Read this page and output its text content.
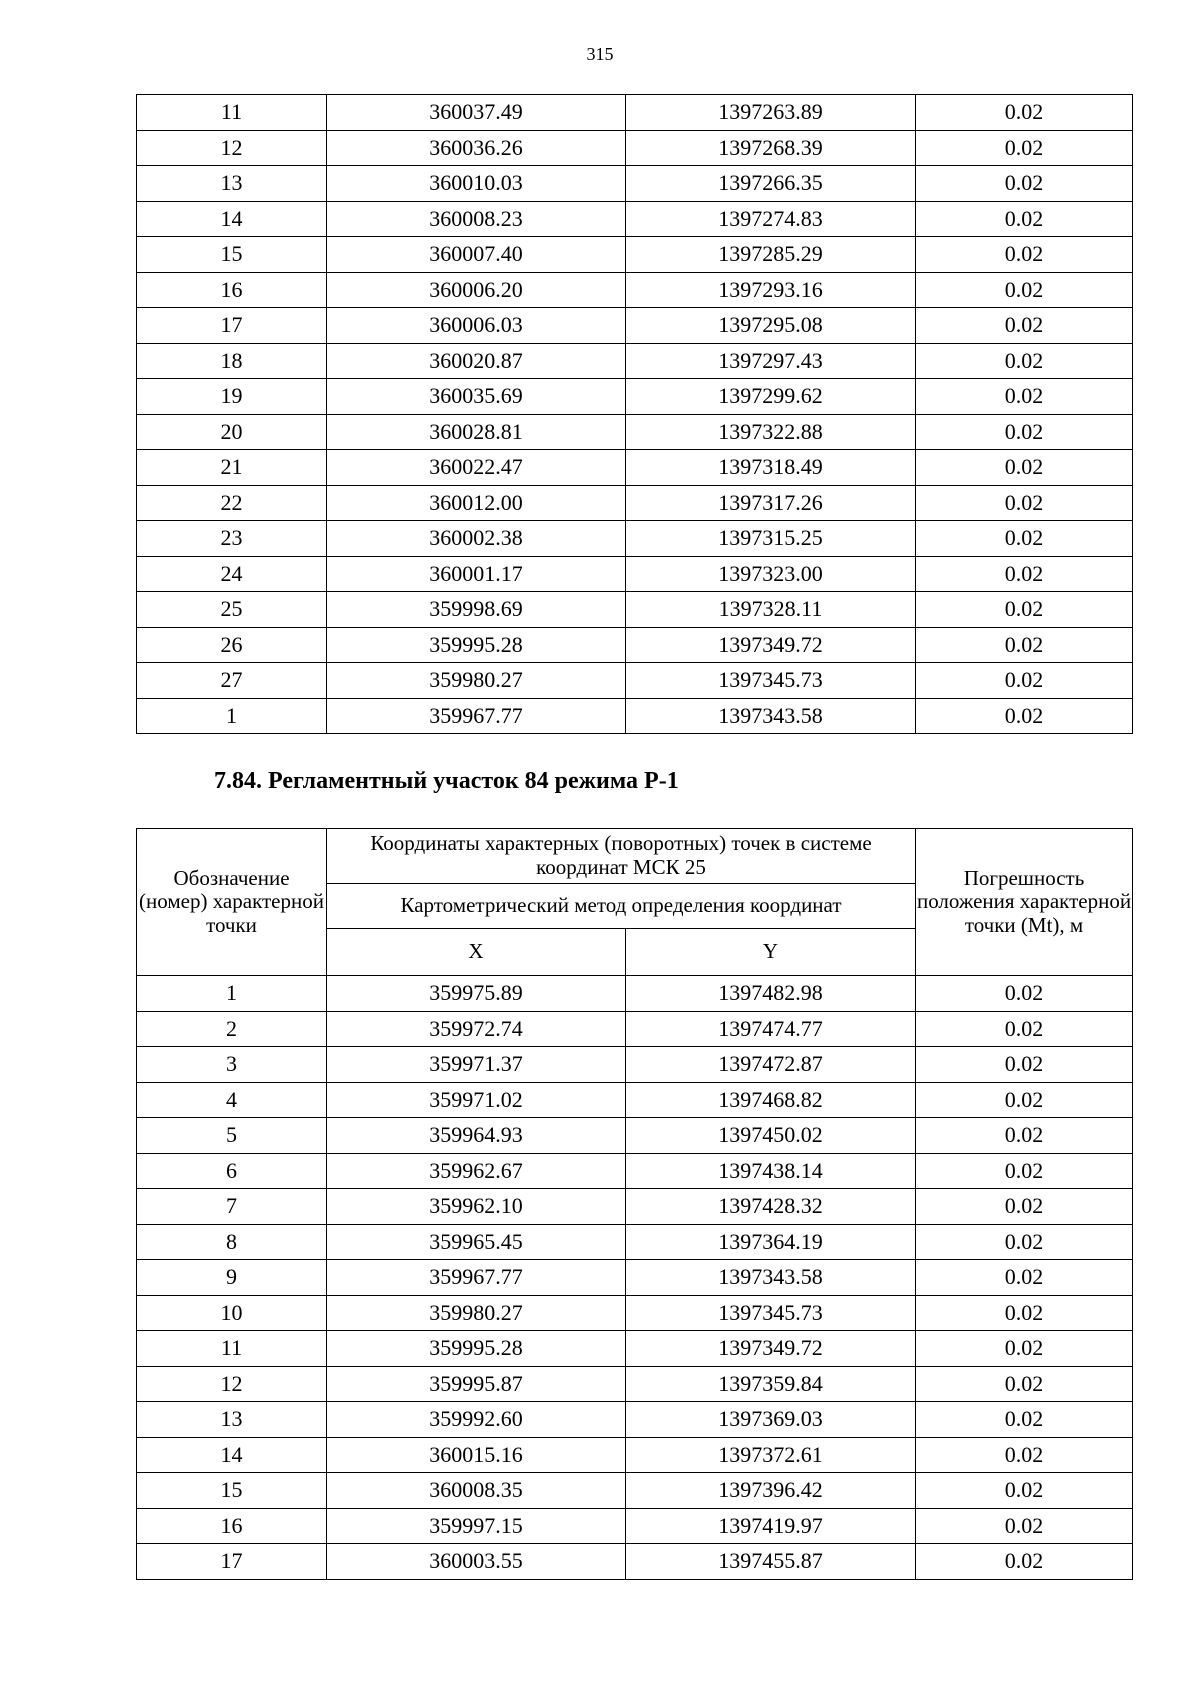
315
11	360037.49	1397263.89	0.02
12	360036.26	1397268.39	0.02
13	360010.03	1397266.35	0.02
14	360008.23	1397274.83	0.02
15	360007.40	1397285.29	0.02
16	360006.20	1397293.16	0.02
17	360006.03	1397295.08	0.02
18	360020.87	1397297.43	0.02
19	360035.69	1397299.62	0.02
20	360028.81	1397322.88	0.02
21	360022.47	1397318.49	0.02
22	360012.00	1397317.26	0.02
23	360002.38	1397315.25	0.02
24	360001.17	1397323.00	0.02
25	359998.69	1397328.11	0.02
26	359995.28	1397349.72	0.02
27	359980.27	1397345.73	0.02
1	359967.77	1397343.58	0.02
7.84. Регламентный участок 84 режима Р-1
Обозначение (номер) характерной точки	Координаты характерных (поворотных) точек в системе координат МСК 25		Погрешность положения характерной точки (Mt), м
	Картометрический метод определения координат		
	X	Y	
1	359975.89	1397482.98	0.02
2	359972.74	1397474.77	0.02
3	359971.37	1397472.87	0.02
4	359971.02	1397468.82	0.02
5	359964.93	1397450.02	0.02
6	359962.67	1397438.14	0.02
7	359962.10	1397428.32	0.02
8	359965.45	1397364.19	0.02
9	359967.77	1397343.58	0.02
10	359980.27	1397345.73	0.02
11	359995.28	1397349.72	0.02
12	359995.87	1397359.84	0.02
13	359992.60	1397369.03	0.02
14	360015.16	1397372.61	0.02
15	360008.35	1397396.42	0.02
16	359997.15	1397419.97	0.02
17	360003.55	1397455.87	0.02
